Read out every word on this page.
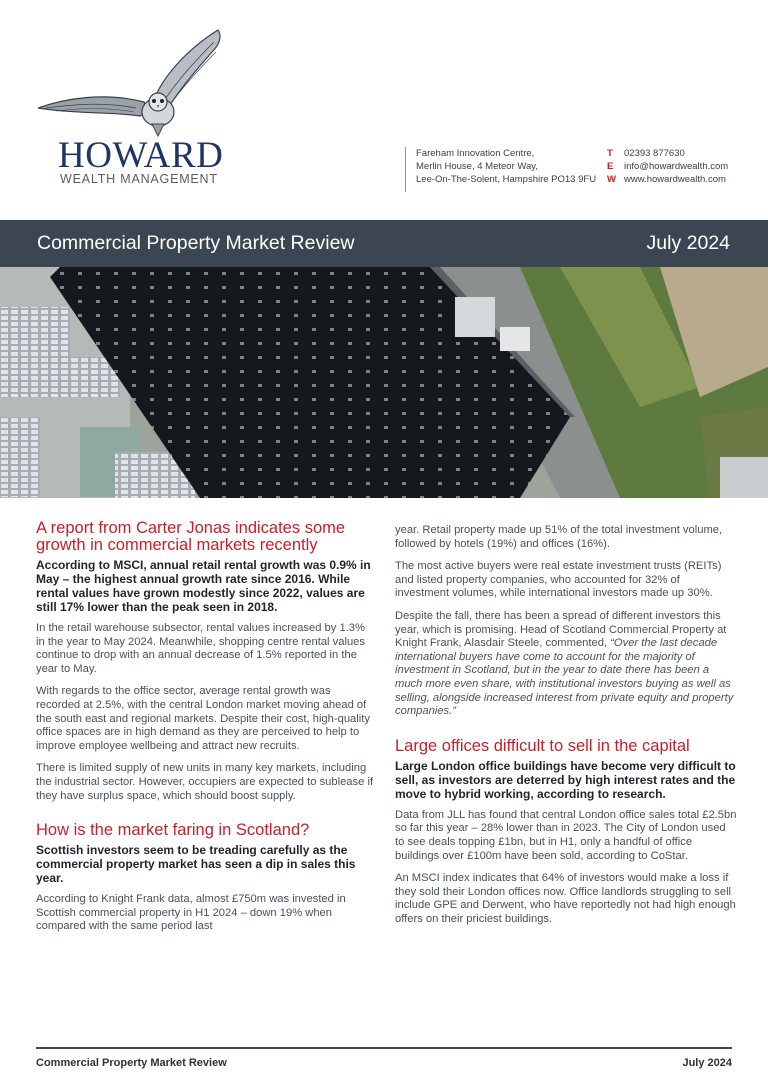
HOWARD
WEALTH MANAGEMENT
Fareham Innovation Centre,
Merlin House, 4 Meteor Way,
Lee-On-The-Solent, Hampshire PO13 9FU
T	02393 877630
E	info@howardwealth.com
W www.howardwealth.com
Commercial Property Market Review	July 2024
A report from Carter Jonas indicates some growth in commercial markets recently
According to MSCI, annual retail rental growth was 0.9% in May – the highest annual growth rate since 2016. While rental values have grown modestly since 2022, values are still 17% lower than the peak seen in 2018.

In the retail warehouse subsector, rental values increased by 1.3% in the year to May 2024. Meanwhile, shopping centre rental values continue to drop with an annual decrease of 1.5% reported in the year to May.

With regards to the office sector, average rental growth was recorded at 2.5%, with the central London market moving ahead of the south east and regional markets. Despite their cost, high-quality office spaces are in high demand as they are perceived to help to improve employee wellbeing and attract new recruits.

There is limited supply of new units in many key markets, including the industrial sector. However, occupiers are expected to sublease if they have surplus space, which should boost supply.

How is the market faring in Scotland?
Scottish investors seem to be treading carefully as the commercial property market has seen a dip in sales this year.

According to Knight Frank data, almost £750m was invested in Scottish commercial property in H1 2024 – down 19% when compared with the same period last

year. Retail property made up 51% of the total investment volume, followed by hotels (19%) and offices (16%).

The most active buyers were real estate investment trusts (REITs) and listed property companies, who accounted for 32% of investment volumes, while international investors made up 30%.

Despite the fall, there has been a spread of different investors this year, which is promising. Head of Scotland Commercial Property at Knight Frank, Alasdair Steele, commented, “Over the last decade international buyers have come to account for the majority of investment in Scotland, but in the year to date there has been a much more even share, with institutional investors buying as well as selling, alongside increased interest from private equity and property companies.”

Large offices difficult to sell in the capital
Large London office buildings have become very difficult to sell, as investors are deterred by high interest rates and the move to hybrid working, according to research.

Data from JLL has found that central London office sales total £2.5bn so far this year – 28% lower than in 2023. The City of London used to see deals topping £1bn, but in H1, only a handful of office buildings over £100m have been sold, according to CoStar.

An MSCI index indicates that 64% of investors would make a loss if they sold their London offices now. Office landlords struggling to sell include GPE and Derwent, who have reportedly not had high enough offers on their priciest buildings.

Commercial Property Market Review	July 2024
